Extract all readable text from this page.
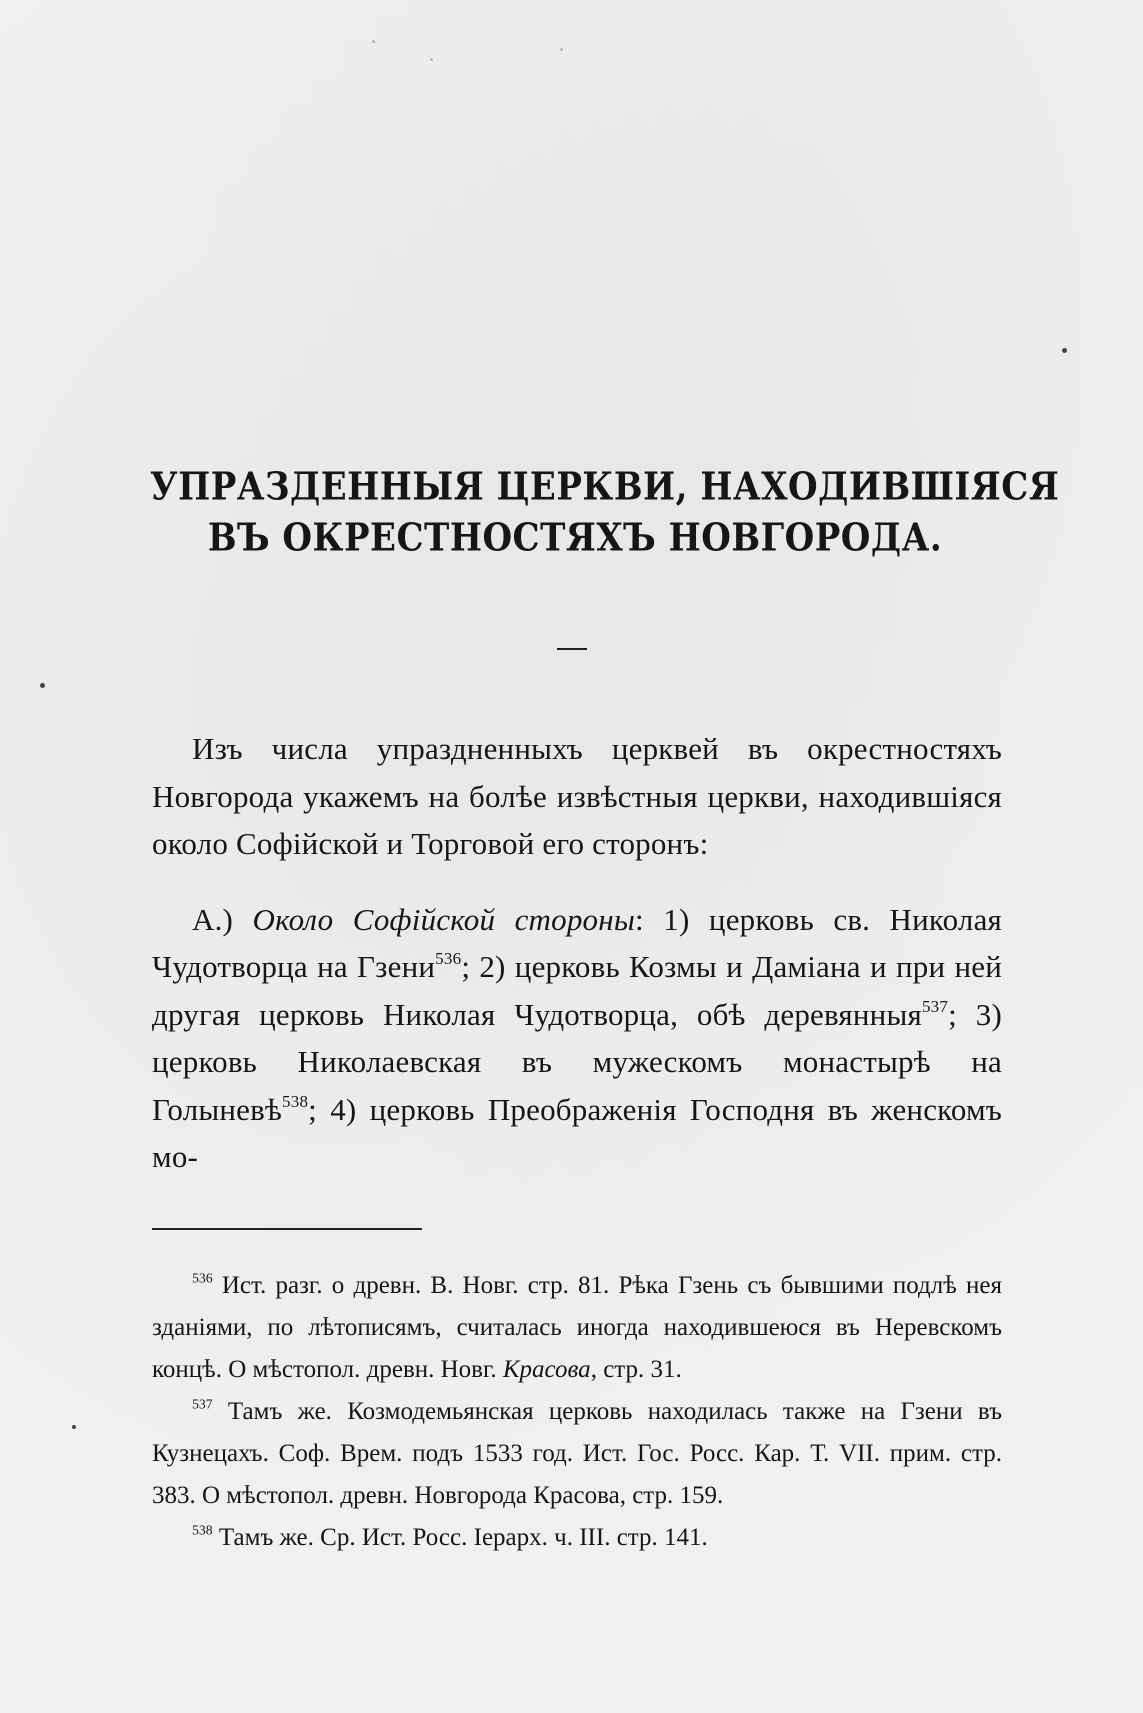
УПРАЗДЕННЫЯ ЦЕРКВИ, НАХОДИВШІЯСЯ
ВЪ ОКРЕСТНОСТЯХЪ НОВГОРОДА.

Изъ числа упраздненныхъ церквей въ окрестностяхъ Новгорода укажемъ на болѣе извѣстныя церкви, находившіяся около Софійской и Торговой его сторонъ:

А.) Около Софійской стороны: 1) церковь св. Николая Чудотворца на Гзени$^{536}$; 2) церковь Козмы и Даміана и при ней другая церковь Николая Чудотворца, обѣ деревянныя$^{537}$; 3) церковь Николаевская въ мужескомъ монастырѣ на Голыневѣ$^{538}$; 4) церковь Преображенія Господня въ женскомъ мо-

$^{536}$ Ист. разг. о древн. В. Новг. стр. 81. Рѣка Гзень съ бывшими подлѣ нея зданіями, по лѣтописямъ, считалась иногда находившеюся въ Неревскомъ концѣ. О мѣстопол. древн. Новг. Красова, стр. 31.

$^{537}$ Тамъ же. Козмодемьянская церковь находилась также на Гзени въ Кузнецахъ. Соф. Врем. подъ 1533 год. Ист. Гос. Росс. Кар. Т. VII. прим. стр. 383. О мѣстопол. древн. Новгорода Красова, стр. 159.

$^{538}$ Тамъ же. Ср. Ист. Росс. Іерарх. ч. III. стр. 141.
